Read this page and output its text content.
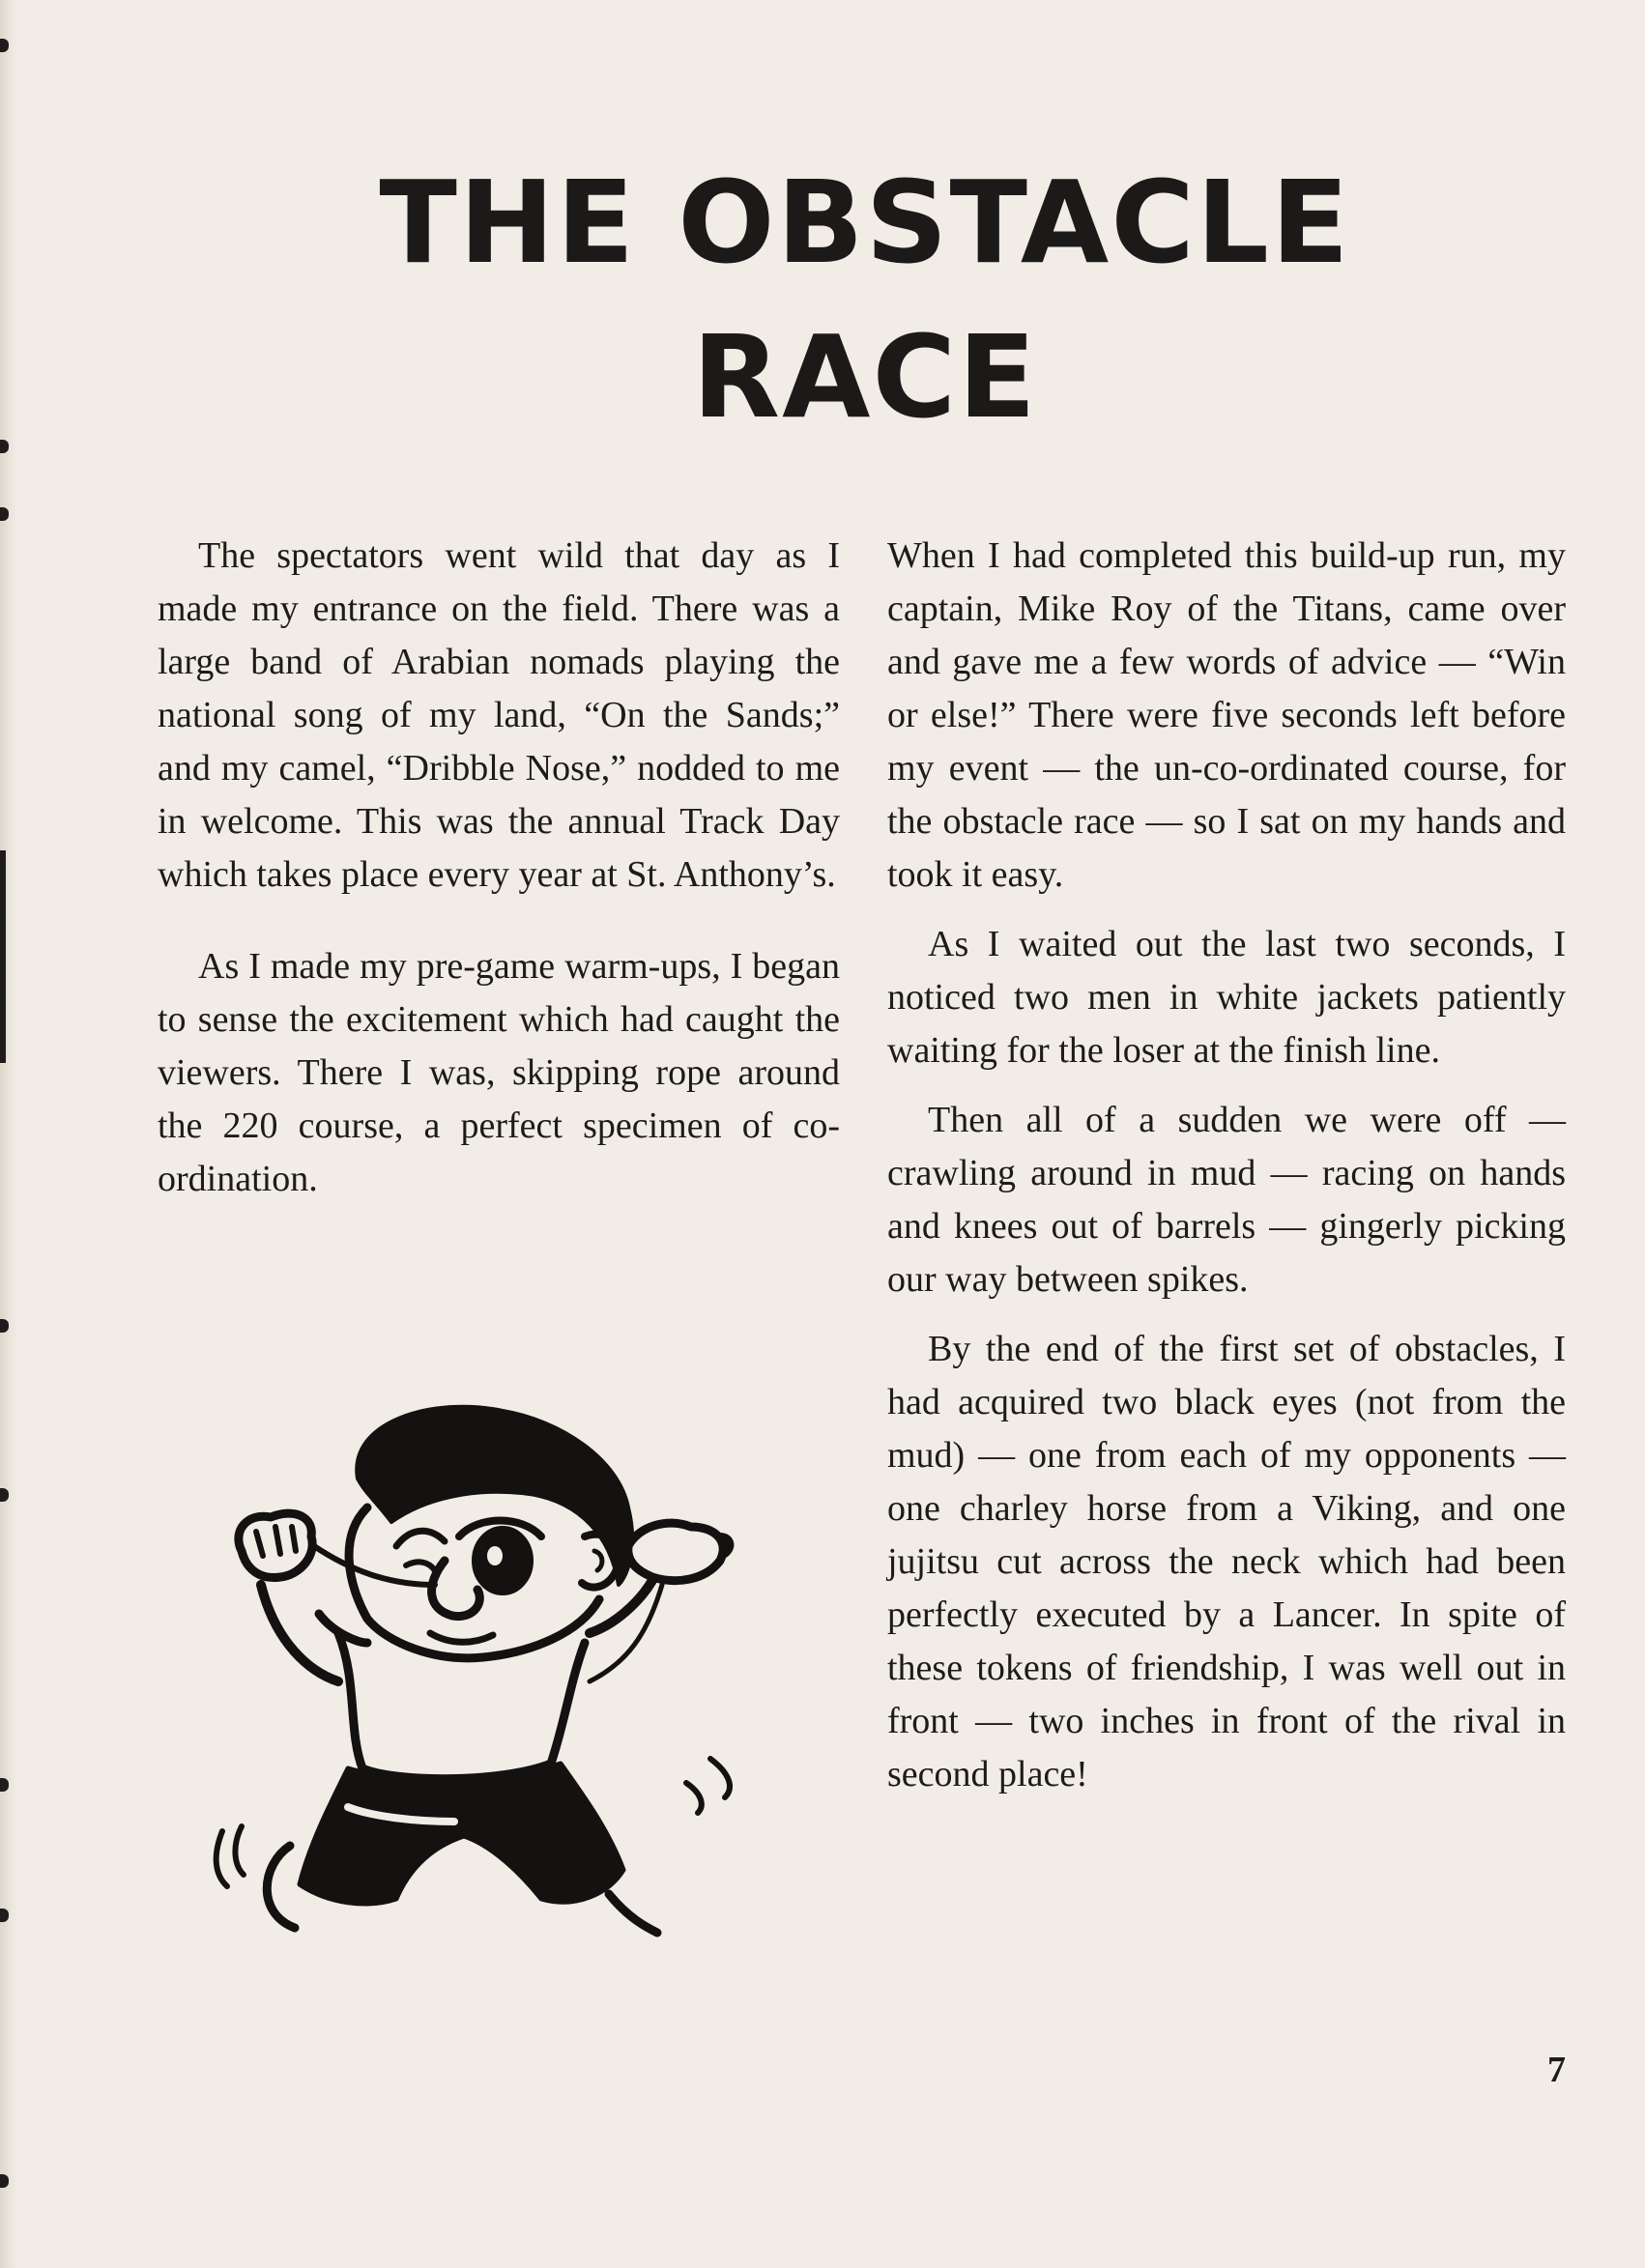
THE OBSTACLE
RACE

The spectators went wild that day as I made my entrance on the field. There was a large band of Arabian nomads playing the national song of my land, “On the Sands;” and my camel, “Dribble Nose,” nodded to me in welcome. This was the annual Track Day which takes place every year at St. Anthony’s.

As I made my pre-game warm-ups, I began to sense the excitement which had caught the viewers. There I was, skipping rope around the 220 course, a perfect specimen of co-ordination.

When I had completed this build-up run, my captain, Mike Roy of the Titans, came over and gave me a few words of advice — “Win or else!” There were five seconds left before my event — the un-co-ordinated course, for the obstacle race — so I sat on my hands and took it easy.

As I waited out the last two seconds, I noticed two men in white jackets patiently waiting for the loser at the finish line.

Then all of a sudden we were off — crawling around in mud — racing on hands and knees out of barrels — gingerly picking our way between spikes.

By the end of the first set of obstacles, I had acquired two black eyes (not from the mud) — one from each of my opponents — one charley horse from a Viking, and one jujitsu cut across the neck which had been perfectly executed by a Lancer. In spite of these tokens of friendship, I was well out in front — two inches in front of the rival in second place!

7
